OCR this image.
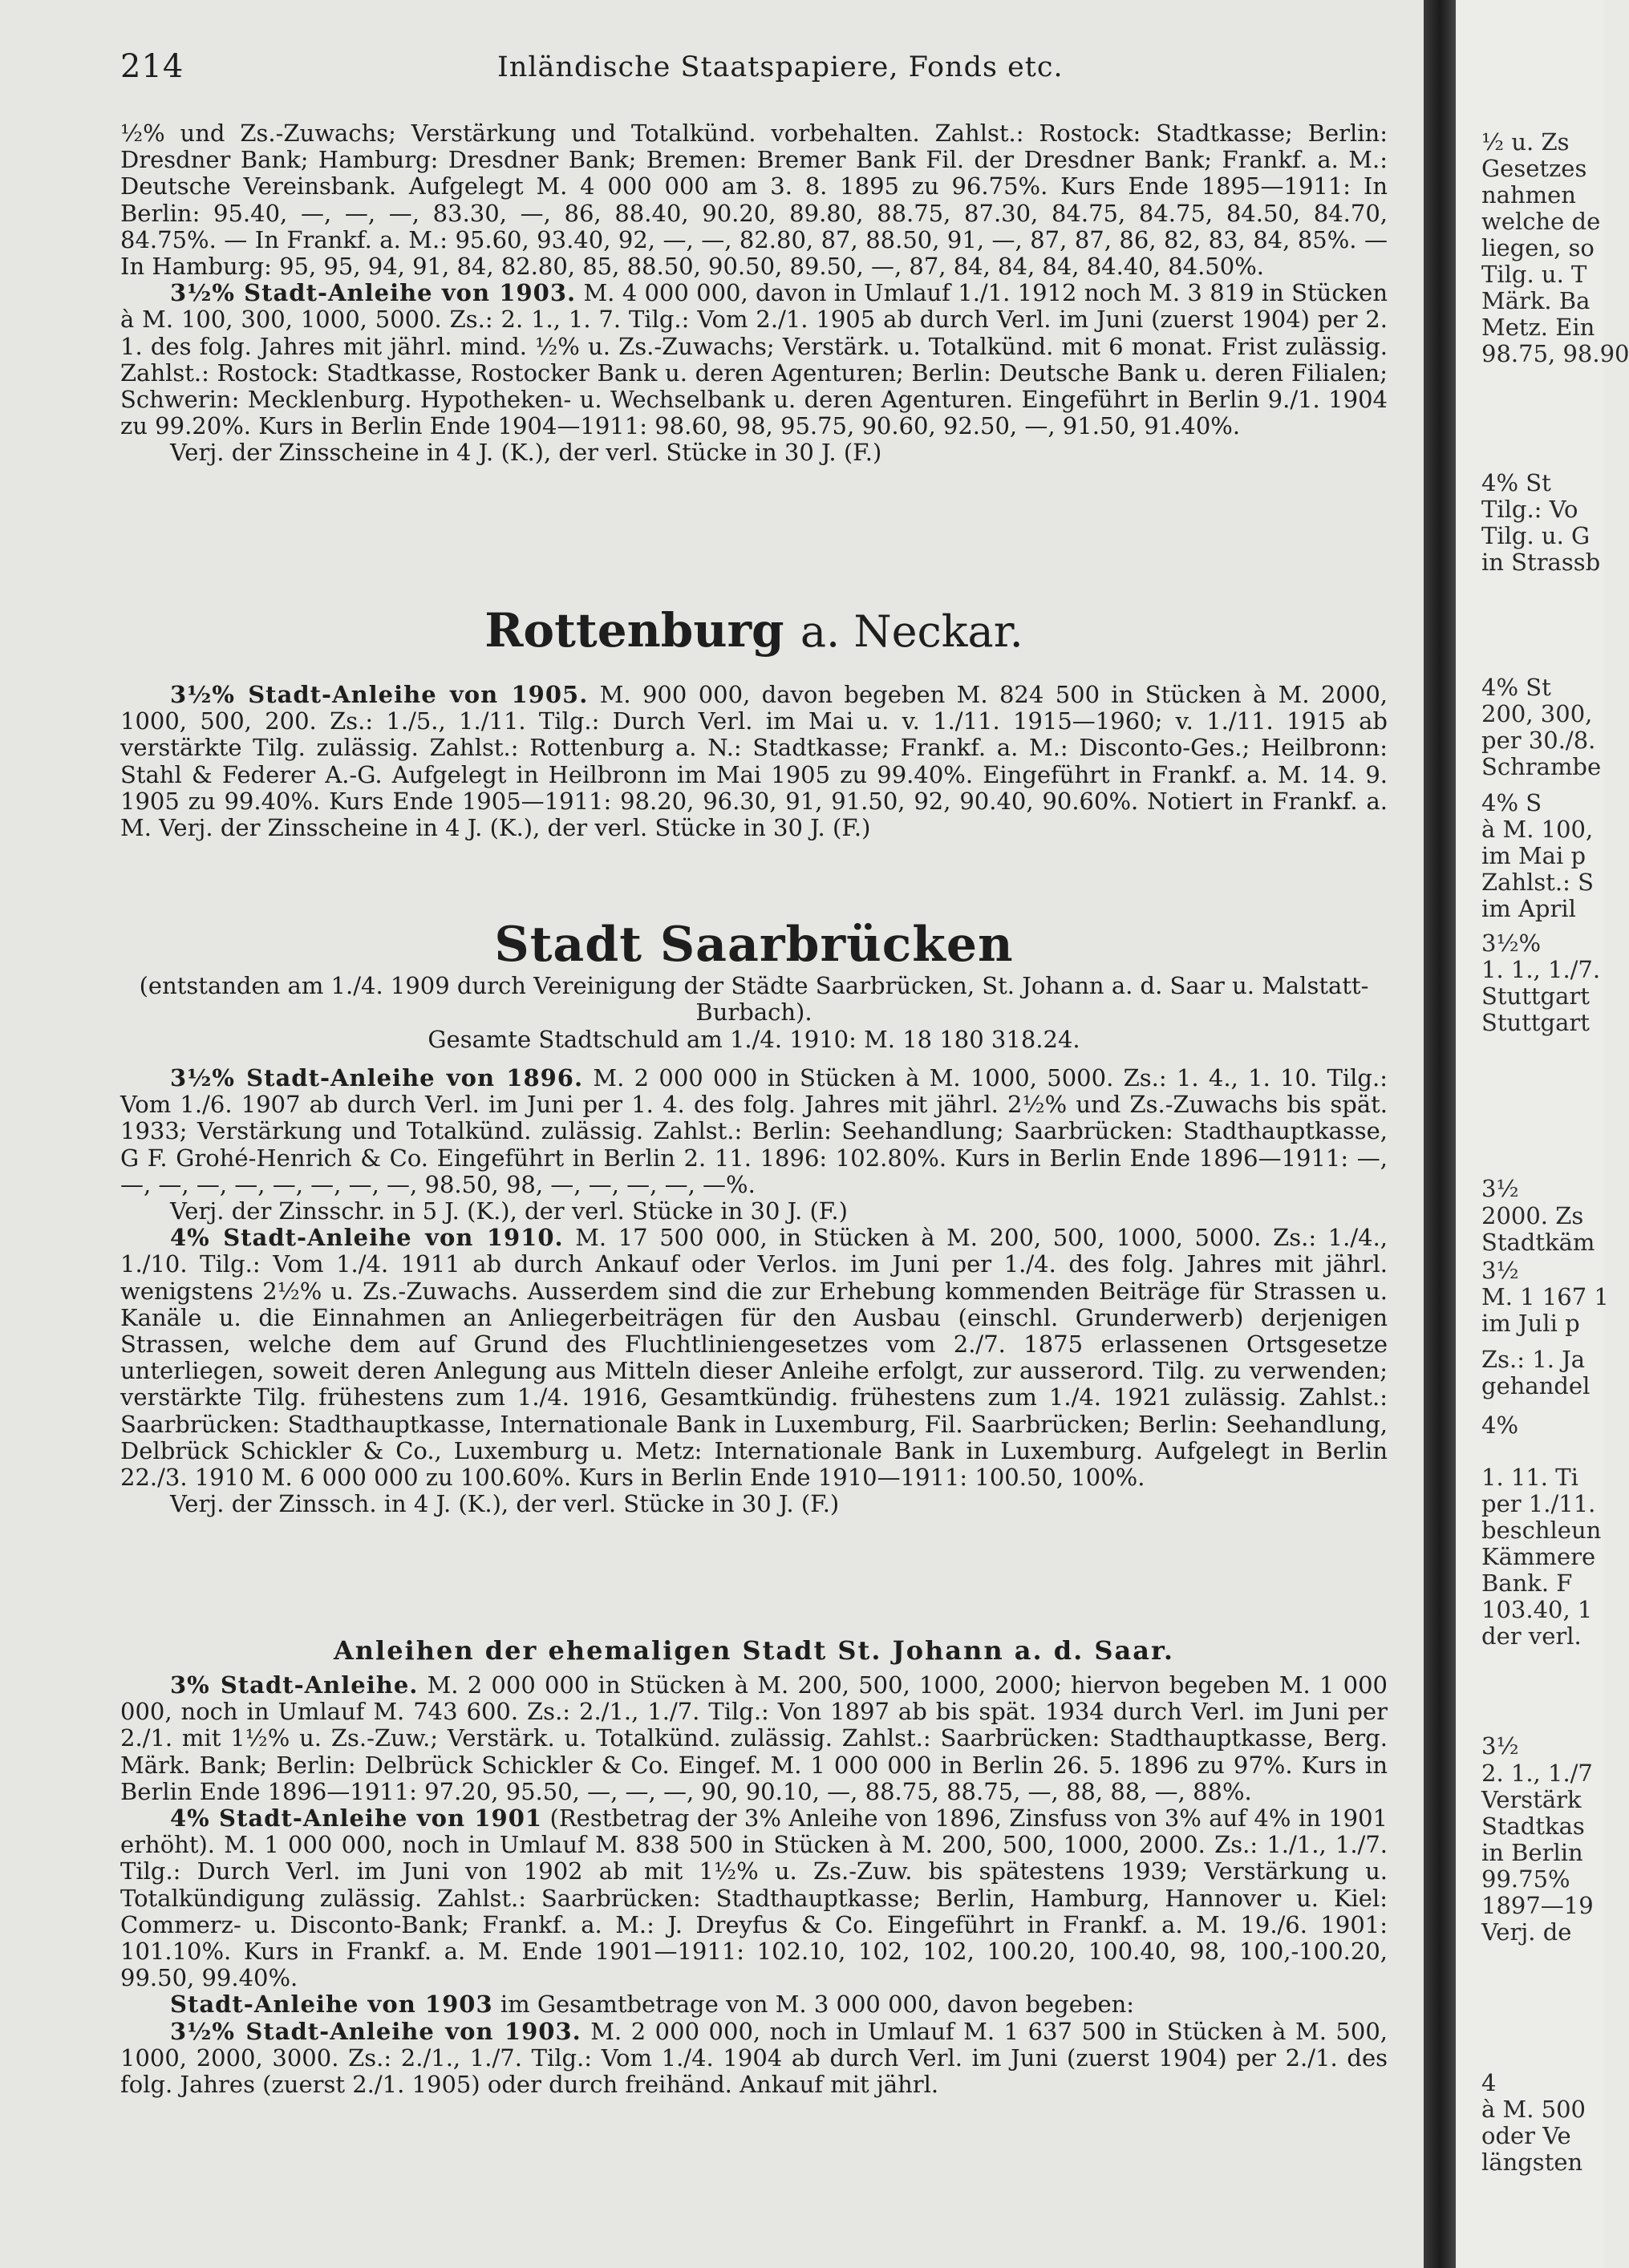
214	Inländische Staatspapiere, Fonds etc.

½% und Zs.-Zuwachs; Verstärkung und Totalkünd. vorbehalten. Zahlst.: Rostock: Stadtkasse; Berlin: Dresdner Bank; Hamburg: Dresdner Bank; Bremen: Bremer Bank Fil. der Dresdner Bank; Frankf. a. M.: Deutsche Vereinsbank. Aufgelegt M. 4 000 000 am 3. 8. 1895 zu 96.75%. Kurs Ende 1895—1911: In Berlin: 95.40, —, —, —, 83.30, —, 86, 88.40, 90.20, 89.80, 88.75, 87.30, 84.75, 84.75, 84.50, 84.70, 84.75%. — In Frankf. a. M.: 95.60, 93.40, 92, —, —, 82.80, 87, 88.50, 91, —, 87, 87, 86, 82, 83, 84, 85%. — In Hamburg: 95, 95, 94, 91, 84, 82.80, 85, 88.50, 90.50, 89.50, —, 87, 84, 84, 84, 84.40, 84.50%.

3½% Stadt-Anleihe von 1903. M. 4 000 000, davon in Umlauf 1./1. 1912 noch M. 3 819 in Stücken à M. 100, 300, 1000, 5000. Zs.: 2. 1., 1. 7. Tilg.: Vom 2./1. 1905 ab durch Verl. im Juni (zuerst 1904) per 2. 1. des folg. Jahres mit jährl. mind. ½% u. Zs.-Zuwachs; Verstärk. u. Totalkünd. mit 6 monat. Frist zulässig. Zahlst.: Rostock: Stadtkasse, Rostocker Bank u. deren Agenturen; Berlin: Deutsche Bank u. deren Filialen; Schwerin: Mecklenburg. Hypotheken- u. Wechselbank u. deren Agenturen. Eingeführt in Berlin 9./1. 1904 zu 99.20%. Kurs in Berlin Ende 1904—1911: 98.60, 98, 95.75, 90.60, 92.50, —, 91.50, 91.40%.

Verj. der Zinsscheine in 4 J. (K.), der verl. Stücke in 30 J. (F.)

Rottenburg a. Neckar.

3½% Stadt-Anleihe von 1905. M. 900 000, davon begeben M. 824 500 in Stücken à M. 2000, 1000, 500, 200. Zs.: 1./5., 1./11. Tilg.: Durch Verl. im Mai u. v. 1./11. 1915—1960; v. 1./11. 1915 ab verstärkte Tilg. zulässig. Zahlst.: Rottenburg a. N.: Stadtkasse; Frankf. a. M.: Disconto-Ges.; Heilbronn: Stahl & Federer A.-G. Aufgelegt in Heilbronn im Mai 1905 zu 99.40%. Eingeführt in Frankf. a. M. 14. 9. 1905 zu 99.40%. Kurs Ende 1905—1911: 98.20, 96.30, 91, 91.50, 92, 90.40, 90.60%. Notiert in Frankf. a. M. Verj. der Zinsscheine in 4 J. (K.), der verl. Stücke in 30 J. (F.)

Stadt Saarbrücken
(entstanden am 1./4. 1909 durch Vereinigung der Städte Saarbrücken, St. Johann a. d. Saar u. Malstatt-Burbach).
Gesamte Stadtschuld am 1./4. 1910: M. 18 180 318.24.

3½% Stadt-Anleihe von 1896. M. 2 000 000 in Stücken à M. 1000, 5000. Zs.: 1. 4., 1. 10. Tilg.: Vom 1./6. 1907 ab durch Verl. im Juni per 1. 4. des folg. Jahres mit jährl. 2½% und Zs.-Zuwachs bis spät. 1933; Verstärkung und Totalkünd. zulässig. Zahlst.: Berlin: Seehandlung; Saarbrücken: Stadthauptkasse, G F. Grohé-Henrich & Co. Eingeführt in Berlin 2. 11. 1896: 102.80%. Kurs in Berlin Ende 1896—1911: —, —, —, —, —, —, —, —, —, 98.50, 98, —, —, —, —, —%.

Verj. der Zinsschr. in 5 J. (K.), der verl. Stücke in 30 J. (F.)

4% Stadt-Anleihe von 1910. M. 17 500 000, in Stücken à M. 200, 500, 1000, 5000. Zs.: 1./4., 1./10. Tilg.: Vom 1./4. 1911 ab durch Ankauf oder Verlos. im Juni per 1./4. des folg. Jahres mit jährl. wenigstens 2½% u. Zs.-Zuwachs. Ausserdem sind die zur Erhebung kommenden Beiträge für Strassen u. Kanäle u. die Einnahmen an Anliegerbeiträgen für den Ausbau (einschl. Grunderwerb) derjenigen Strassen, welche dem auf Grund des Fluchtliniengesetzes vom 2./7. 1875 erlassenen Ortsgesetze unterliegen, soweit deren Anlegung aus Mitteln dieser Anleihe erfolgt, zur ausserord. Tilg. zu verwenden; verstärkte Tilg. frühestens zum 1./4. 1916, Gesamtkündig. frühestens zum 1./4. 1921 zulässig. Zahlst.: Saarbrücken: Stadthauptkasse, Internationale Bank in Luxemburg, Fil. Saarbrücken; Berlin: Seehandlung, Delbrück Schickler & Co., Luxemburg u. Metz: Internationale Bank in Luxemburg. Aufgelegt in Berlin 22./3. 1910 M. 6 000 000 zu 100.60%. Kurs in Berlin Ende 1910—1911: 100.50, 100%.

Verj. der Zinssch. in 4 J. (K.), der verl. Stücke in 30 J. (F.)

Anleihen der ehemaligen Stadt St. Johann a. d. Saar.

3% Stadt-Anleihe. M. 2 000 000 in Stücken à M. 200, 500, 1000, 2000; hiervon begeben M. 1 000 000, noch in Umlauf M. 743 600. Zs.: 2./1., 1./7. Tilg.: Von 1897 ab bis spät. 1934 durch Verl. im Juni per 2./1. mit 1½% u. Zs.-Zuw.; Verstärk. u. Totalkünd. zulässig. Zahlst.: Saarbrücken: Stadthauptkasse, Berg. Märk. Bank; Berlin: Delbrück Schickler & Co. Eingef. M. 1 000 000 in Berlin 26. 5. 1896 zu 97%. Kurs in Berlin Ende 1896—1911: 97.20, 95.50, —, —, —, 90, 90.10, —, 88.75, 88.75, —, 88, 88, —, 88%.

4% Stadt-Anleihe von 1901 (Restbetrag der 3% Anleihe von 1896, Zinsfuss von 3% auf 4% in 1901 erhöht). M. 1 000 000, noch in Umlauf M. 838 500 in Stücken à M. 200, 500, 1000, 2000. Zs.: 1./1., 1./7. Tilg.: Durch Verl. im Juni von 1902 ab mit 1½% u. Zs.-Zuw. bis spätestens 1939; Verstärkung u. Totalkündigung zulässig. Zahlst.: Saarbrücken: Stadthauptkasse; Berlin, Hamburg, Hannover u. Kiel: Commerz- u. Disconto-Bank; Frankf. a. M.: J. Dreyfus & Co. Eingeführt in Frankf. a. M. 19./6. 1901: 101.10%. Kurs in Frankf. a. M. Ende 1901—1911: 102.10, 102, 102, 100.20, 100.40, 98, 100,-100.20, 99.50, 99.40%.

Stadt-Anleihe von 1903 im Gesamtbetrage von M. 3 000 000, davon begeben:

3½% Stadt-Anleihe von 1903. M. 2 000 000, noch in Umlauf M. 1 637 500 in Stücken à M. 500, 1000, 2000, 3000. Zs.: 2./1., 1./7. Tilg.: Vom 1./4. 1904 ab durch Verl. im Juni (zuerst 1904) per 2./1. des folg. Jahres (zuerst 2./1. 1905) oder durch freihänd. Ankauf mit jährl.

½ u. Zs
Gesetzes
nahmen
welche de
liegen, so
Tilg. u. T
Märk. Ba
Metz. Ein
98.75, 98.90
4% St
Tilg.: Vo
Tilg. u. G
in Strassb
4% St
200, 300,
per 30./8.
Schrambe
4% S
à M. 100,
im Mai p
Zahlst.: S
im April
3½%
1. 1., 1./7.
Stuttgart
Stuttgart
3½
2000. Zs
Stadtkäm
3½
M. 1 167 1
im Juli p
Zs.: 1. Ja
gehandel
4%
1. 11. Ti
per 1./11.
beschleun
Kämmere
Bank. F
103.40, 1
der verl.
3½
2. 1., 1./7
Verstärk
Stadtkas
in Berlin
99.75%
1897—19
Verj. de
4
à M. 500
oder Ve
längsten
